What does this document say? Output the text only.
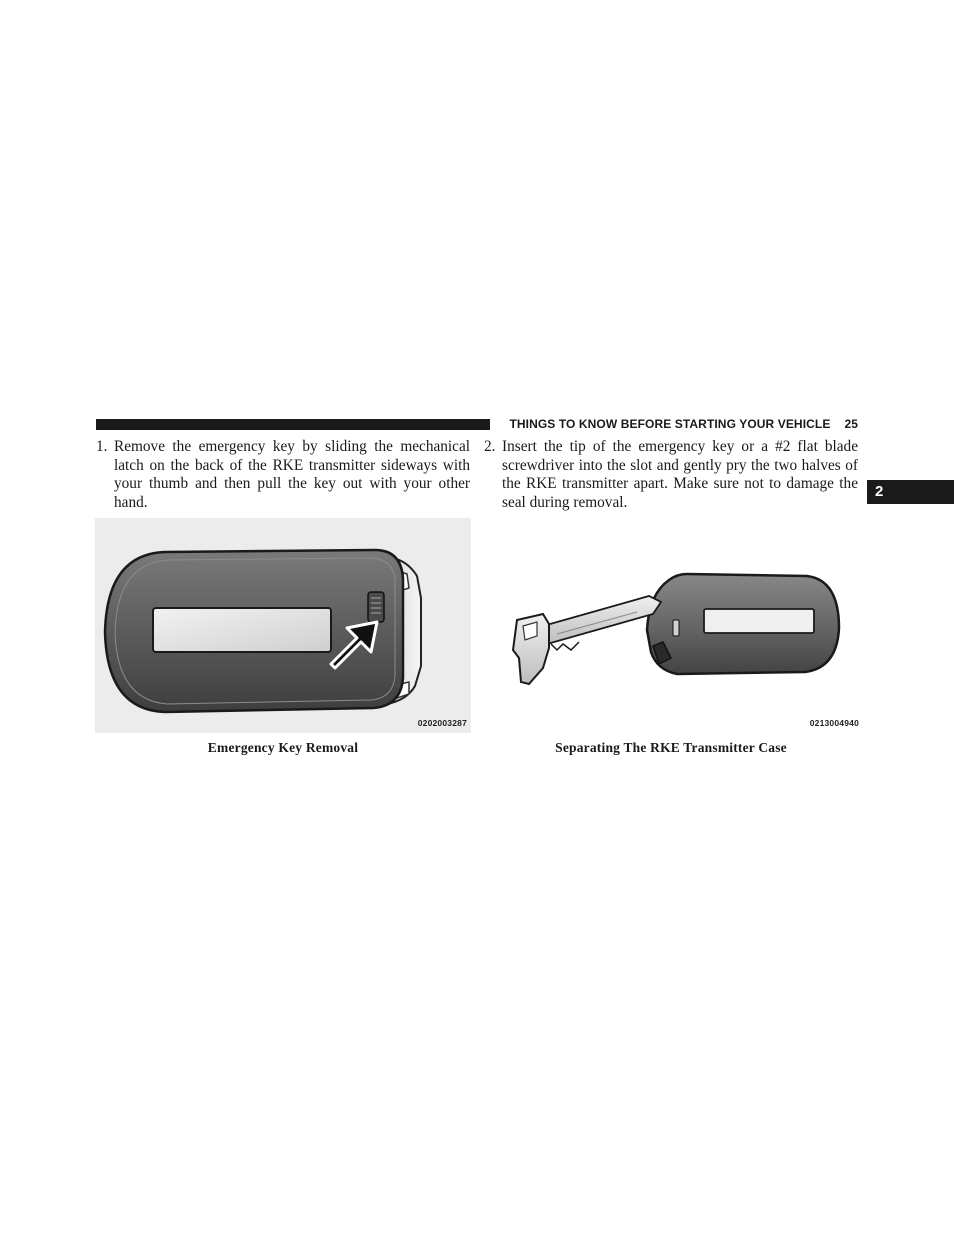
THINGS TO KNOW BEFORE STARTING YOUR VEHICLE 25
2
1. Remove the emergency key by sliding the mechanical latch on the back of the RKE transmitter sideways with your thumb and then pull the key out with your other hand.
2. Insert the tip of the emergency key or a #2 flat blade screwdriver into the slot and gently pry the two halves of the RKE transmitter apart. Make sure not to damage the seal during removal.
0202003287
Emergency Key Removal
0213004940
Separating The RKE Transmitter Case
